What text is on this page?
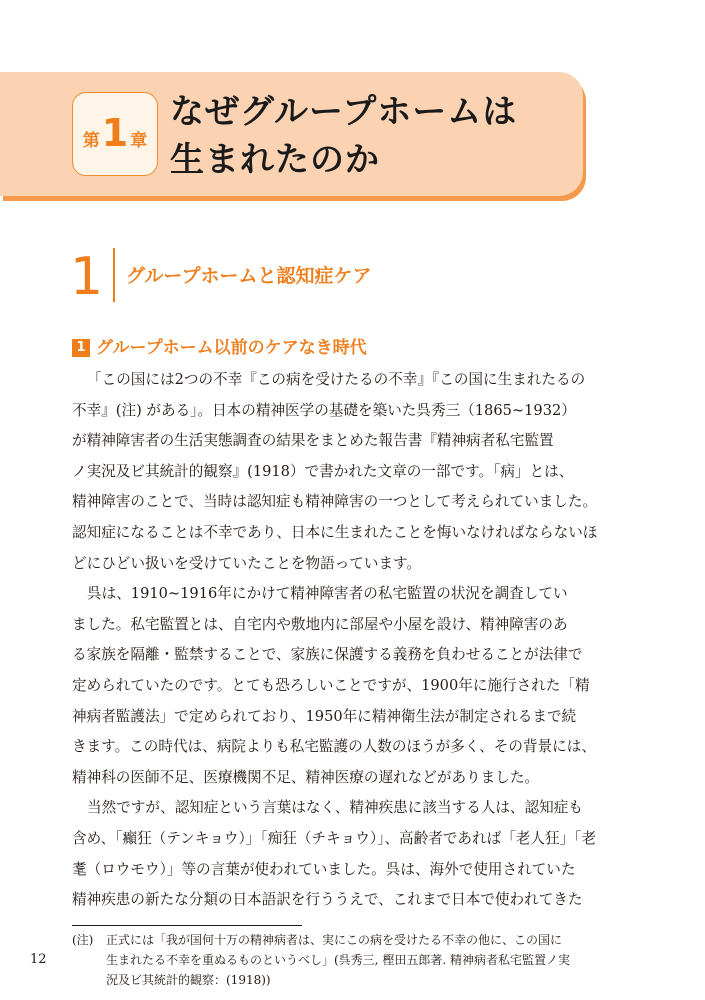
第 1 章
なぜグループホームは
生まれたのか
1 グループホームと認知症ケア
1 グループホーム以前のケアなき時代
「この国には2つの不幸『この病を受けたるの不幸』『この国に生まれたるの
不幸』(注) がある」。日本の精神医学の基礎を築いた呉秀三（1865~1932）
が精神障害者の生活実態調査の結果をまとめた報告書『精神病者私宅監置
ノ実況及ビ其統計的観察』(1918）で書かれた文章の一部です。「病」とは、
精神障害のことで、当時は認知症も精神障害の一つとして考えられていました。
認知症になることは不幸であり、日本に生まれたことを悔いなければならないほ
どにひどい扱いを受けていたことを物語っています。
呉は、1910~1916年にかけて精神障害者の私宅監置の状況を調査してい
ました。私宅監置とは、自宅内や敷地内に部屋や小屋を設け、精神障害のあ
る家族を隔離・監禁することで、家族に保護する義務を負わせることが法律で
定められていたのです。とても恐ろしいことですが、1900年に施行された「精
神病者監護法」で定められており、1950年に精神衛生法が制定されるまで続
きます。この時代は、病院よりも私宅監護の人数のほうが多く、その背景には、
精神科の医師不足、医療機関不足、精神医療の遅れなどがありました。
当然ですが、認知症という言葉はなく、精神疾患に該当する人は、認知症も
含め、「癲狂（テンキョウ）」「痴狂（チキョウ）」、高齢者であれば「老人狂」「老
耄（ロウモウ）」等の言葉が使われていました。呉は、海外で使用されていた
精神疾患の新たな分類の日本語訳を行ううえで、これまで日本で使われてきた
(注)	正式には「我が国何十万の精神病者は、実にこの病を受けたる不幸の他に、この国に
生まれたる不幸を重ぬるものというべし」(呉秀三, 樫田五郎著. 精神病者私宅監置ノ実
況及ビ其統計的観察：(1918))
12
